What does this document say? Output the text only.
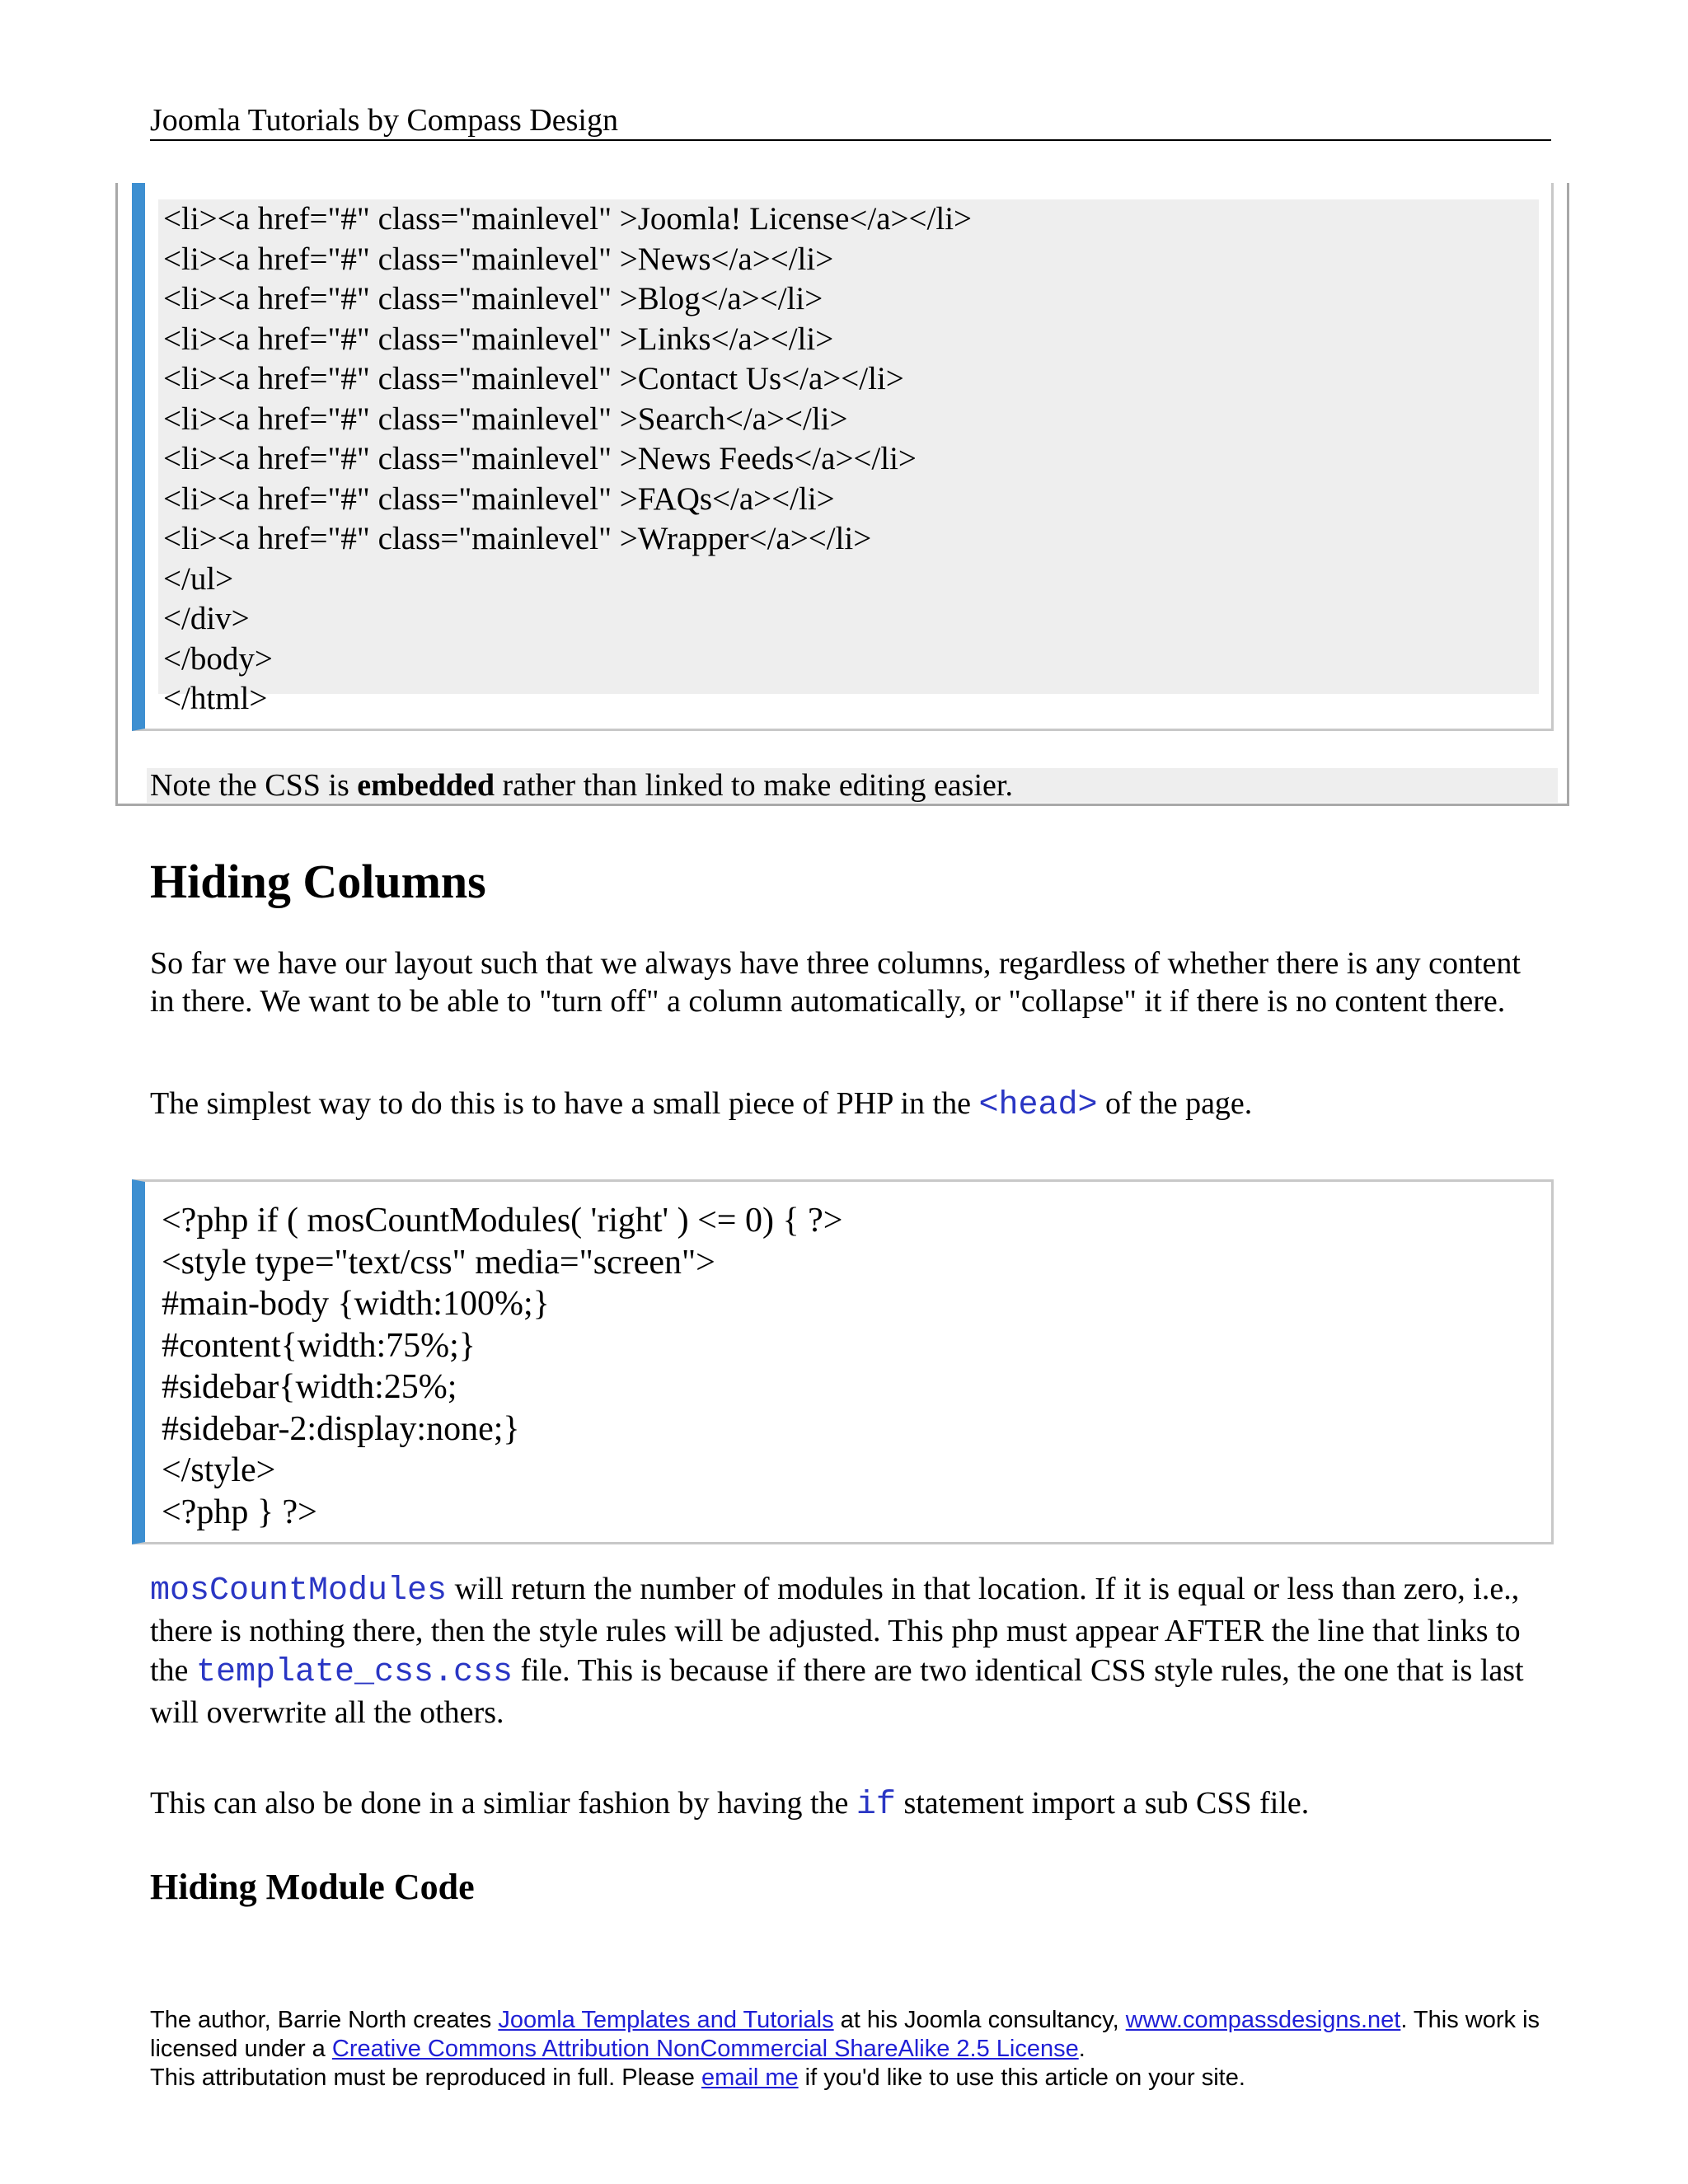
Joomla Tutorials by Compass Design
<li><a href="#" class="mainlevel" >Joomla! License</a></li>
<li><a href="#" class="mainlevel" >News</a></li>
<li><a href="#" class="mainlevel" >Blog</a></li>
<li><a href="#" class="mainlevel" >Links</a></li>
<li><a href="#" class="mainlevel" >Contact Us</a></li>
<li><a href="#" class="mainlevel" >Search</a></li>
<li><a href="#" class="mainlevel" >News Feeds</a></li>
<li><a href="#" class="mainlevel" >FAQs</a></li>
<li><a href="#" class="mainlevel" >Wrapper</a></li>
</ul>
</div>
</body>
</html>
Note the CSS is embedded rather than linked to make editing easier.
Hiding Columns

So far we have our layout such that we always have three columns, regardless of whether there is any content in there. We want to be able to "turn off" a column automatically, or "collapse" it if there is no content there.

The simplest way to do this is to have a small piece of PHP in the <head> of the page.

<?php if ( mosCountModules( 'right' ) <= 0) { ?>
<style type="text/css" media="screen">
#main-body {width:100%;}
#content{width:75%;}
#sidebar{width:25%;
#sidebar-2:display:none;}
</style>
<?php } ?>

mosCountModules will return the number of modules in that location. If it is equal or less than zero, i.e., there is nothing there, then the style rules will be adjusted. This php must appear AFTER the line that links to the template_css.css file. This is because if there are two identical CSS style rules, the one that is last will overwrite all the others.

This can also be done in a simliar fashion by having the if statement import a sub CSS file.

Hiding Module Code
The author, Barrie North creates Joomla Templates and Tutorials at his Joomla consultancy, www.compassdesigns.net. This work is licensed under a Creative Commons Attribution NonCommercial ShareAlike 2.5 License.
This attributation must be reproduced in full. Please email me if you'd like to use this article on your site.
